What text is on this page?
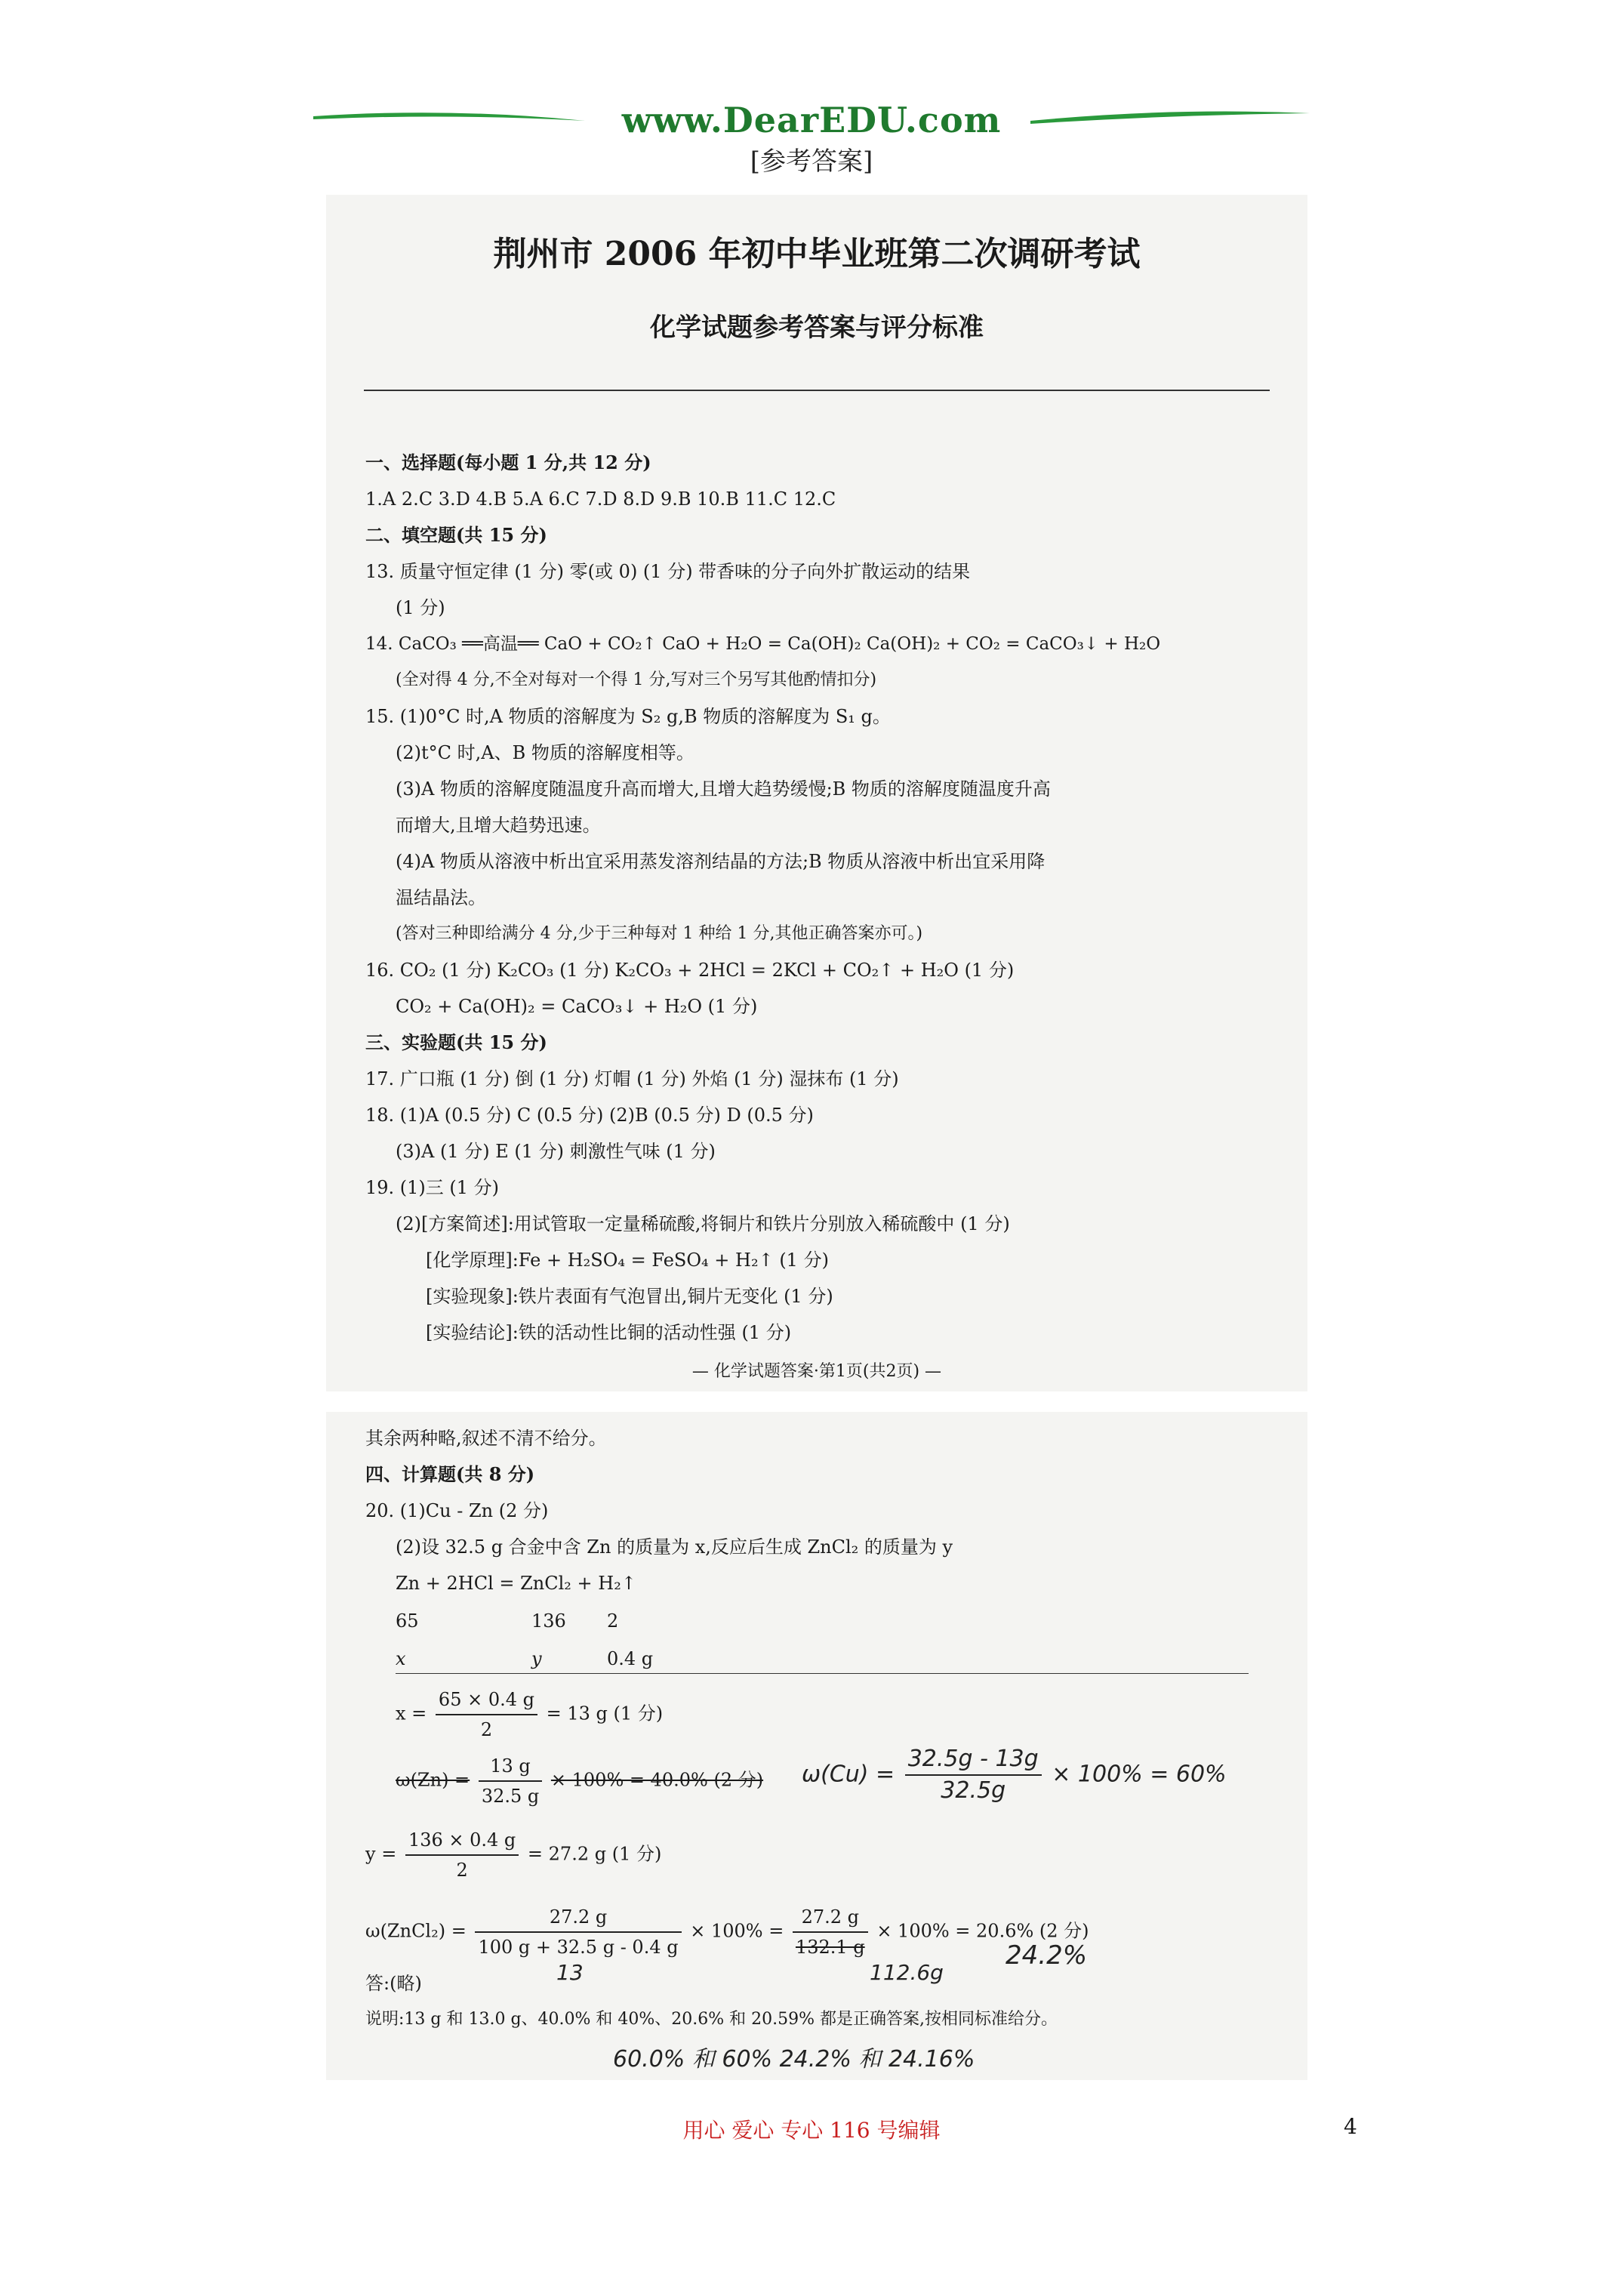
www.DearEDU.com
[参考答案]
荆州市 2006 年初中毕业班第二次调研考试
化学试题参考答案与评分标准
一、选择题(每小题 1 分,共 12 分)
1.A 2.C 3.D 4.B 5.A 6.C 7.D 8.D 9.B 10.B 11.C 12.C
二、填空题(共 15 分)
13. 质量守恒定律 (1 分) 零(或 0) (1 分) 带香味的分子向外扩散运动的结果
(1 分)
14. CaCO₃ ══高温══ CaO + CO₂↑ CaO + H₂O = Ca(OH)₂ Ca(OH)₂ + CO₂ = CaCO₃↓ + H₂O
(全对得 4 分,不全对每对一个得 1 分,写对三个另写其他酌情扣分)
15. (1)0°C 时,A 物质的溶解度为 S₂ g,B 物质的溶解度为 S₁ g。
(2)t°C 时,A、B 物质的溶解度相等。
(3)A 物质的溶解度随温度升高而增大,且增大趋势缓慢;B 物质的溶解度随温度升高
而增大,且增大趋势迅速。
(4)A 物质从溶液中析出宜采用蒸发溶剂结晶的方法;B 物质从溶液中析出宜采用降
温结晶法。
(答对三种即给满分 4 分,少于三种每对 1 种给 1 分,其他正确答案亦可。)
16. CO₂ (1 分) K₂CO₃ (1 分) K₂CO₃ + 2HCl = 2KCl + CO₂↑ + H₂O (1 分)
CO₂ + Ca(OH)₂ = CaCO₃↓ + H₂O (1 分)
三、实验题(共 15 分)
17. 广口瓶 (1 分) 倒 (1 分) 灯帽 (1 分) 外焰 (1 分) 湿抹布 (1 分)
18. (1)A (0.5 分) C (0.5 分) (2)B (0.5 分) D (0.5 分)
(3)A (1 分) E (1 分) 刺激性气味 (1 分)
19. (1)三 (1 分)
(2)[方案简述]:用试管取一定量稀硫酸,将铜片和铁片分别放入稀硫酸中 (1 分)
[化学原理]:Fe + H₂SO₄ = FeSO₄ + H₂↑ (1 分)
[实验现象]:铁片表面有气泡冒出,铜片无变化 (1 分)
[实验结论]:铁的活动性比铜的活动性强 (1 分)
— 化学试题答案·第1页(共2页) —
其余两种略,叙述不清不给分。
四、计算题(共 8 分)
20. (1)Cu - Zn (2 分)
(2)设 32.5 g 合金中含 Zn 的质量为 x,反应后生成 ZnCl₂ 的质量为 y
Zn + 2HCl = ZnCl₂ + H₂↑
65	136 2
x	y	0.4 g
$x = \frac{65 \times 0.4 g}{2} = 13$ g (1 分)
$\omega(Zn) = \frac{13 g}{32.5 g} \times 100\% = 40.0\%$ (2 分) $\omega(Cu) = \frac{32.5g - 13g}{32.5g} \times 100\% = 60\%$
$y = \frac{136 \times 0.4 g}{2} = 27.2$ g (1 分)
ω(ZnCl₂) = $\frac{27.2 g}{100 g + 32.5 g - 0.4 g} \times 100\% = \frac{27.2 g}{132.1 g} \times 100\% = 20.6\%$ (2 分)
13	112.6g
24.2%
答:(略)
说明:13 g 和 13.0 g、40.0% 和 40%、20.6% 和 20.59% 都是正确答案,按相同标准给分。
60.0% 和 60% 24.2% 和 24.16%
用心 爱心 专心 116 号编辑	4
